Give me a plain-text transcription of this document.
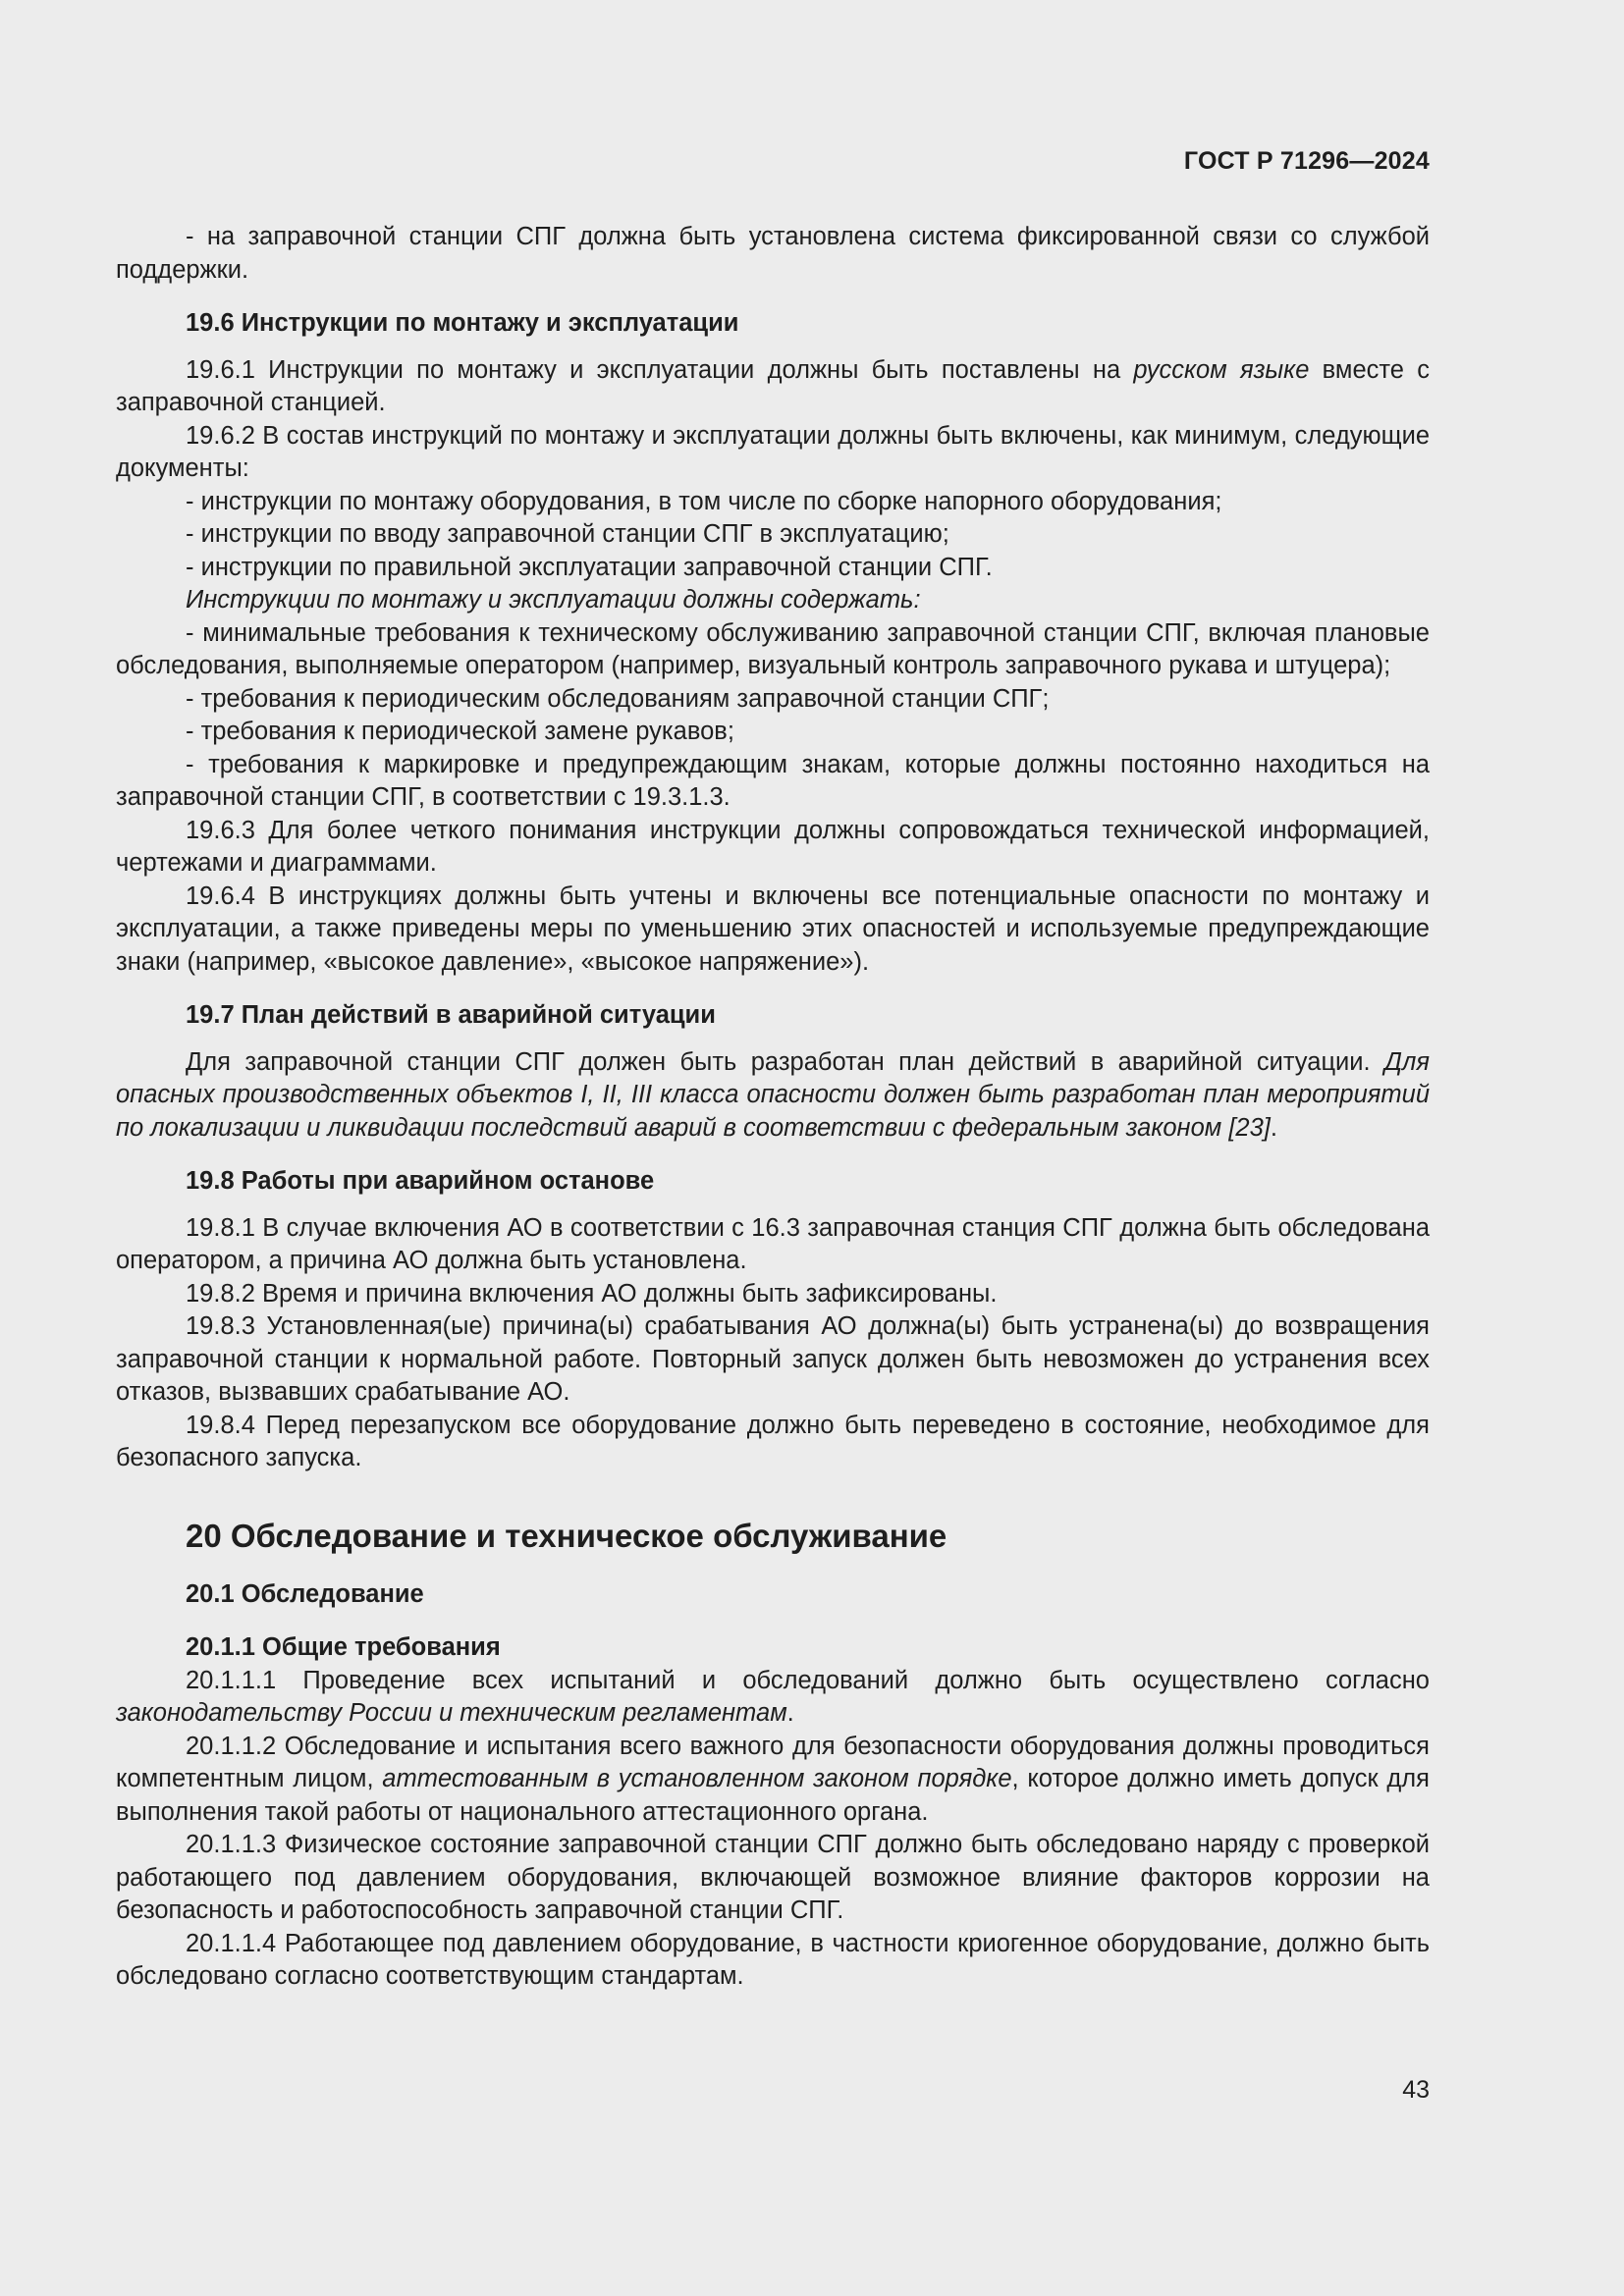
ГОСТ Р 71296—2024

- на заправочной станции СПГ должна быть установлена система фиксированной связи со службой поддержки.

19.6 Инструкции по монтажу и эксплуатации

19.6.1 Инструкции по монтажу и эксплуатации должны быть поставлены на русском языке вместе с заправочной станцией.

19.6.2 В состав инструкций по монтажу и эксплуатации должны быть включены, как минимум, следующие документы:

- инструкции по монтажу оборудования, в том числе по сборке напорного оборудования;

- инструкции по вводу заправочной станции СПГ в эксплуатацию;

- инструкции по правильной эксплуатации заправочной станции СПГ.

Инструкции по монтажу и эксплуатации должны содержать:

- минимальные требования к техническому обслуживанию заправочной станции СПГ, включая плановые обследования, выполняемые оператором (например, визуальный контроль заправочного рукава и штуцера);

- требования к периодическим обследованиям заправочной станции СПГ;

- требования к периодической замене рукавов;

- требования к маркировке и предупреждающим знакам, которые должны постоянно находиться на заправочной станции СПГ, в соответствии с 19.3.1.3.

19.6.3 Для более четкого понимания инструкции должны сопровождаться технической информацией, чертежами и диаграммами.

19.6.4 В инструкциях должны быть учтены и включены все потенциальные опасности по монтажу и эксплуатации, а также приведены меры по уменьшению этих опасностей и используемые предупреждающие знаки (например, «высокое давление», «высокое напряжение»).

19.7 План действий в аварийной ситуации

Для заправочной станции СПГ должен быть разработан план действий в аварийной ситуации. Для опасных производственных объектов I, II, III класса опасности должен быть разработан план мероприятий по локализации и ликвидации последствий аварий в соответствии с федеральным законом [23].

19.8 Работы при аварийном останове

19.8.1 В случае включения АО в соответствии с 16.3 заправочная станция СПГ должна быть обследована оператором, а причина АО должна быть установлена.

19.8.2 Время и причина включения АО должны быть зафиксированы.

19.8.3 Установленная(ые) причина(ы) срабатывания АО должна(ы) быть устранена(ы) до возвращения заправочной станции к нормальной работе. Повторный запуск должен быть невозможен до устранения всех отказов, вызвавших срабатывание АО.

19.8.4 Перед перезапуском все оборудование должно быть переведено в состояние, необходимое для безопасного запуска.

20 Обследование и техническое обслуживание
20.1 Обследование
20.1.1 Общие требования

20.1.1.1 Проведение всех испытаний и обследований должно быть осуществлено согласно законодательству России и техническим регламентам.

20.1.1.2 Обследование и испытания всего важного для безопасности оборудования должны проводиться компетентным лицом, аттестованным в установленном законом порядке, которое должно иметь допуск для выполнения такой работы от национального аттестационного органа.

20.1.1.3 Физическое состояние заправочной станции СПГ должно быть обследовано наряду с проверкой работающего под давлением оборудования, включающей возможное влияние факторов коррозии на безопасность и работоспособность заправочной станции СПГ.

20.1.1.4 Работающее под давлением оборудование, в частности криогенное оборудование, должно быть обследовано согласно соответствующим стандартам.

43
